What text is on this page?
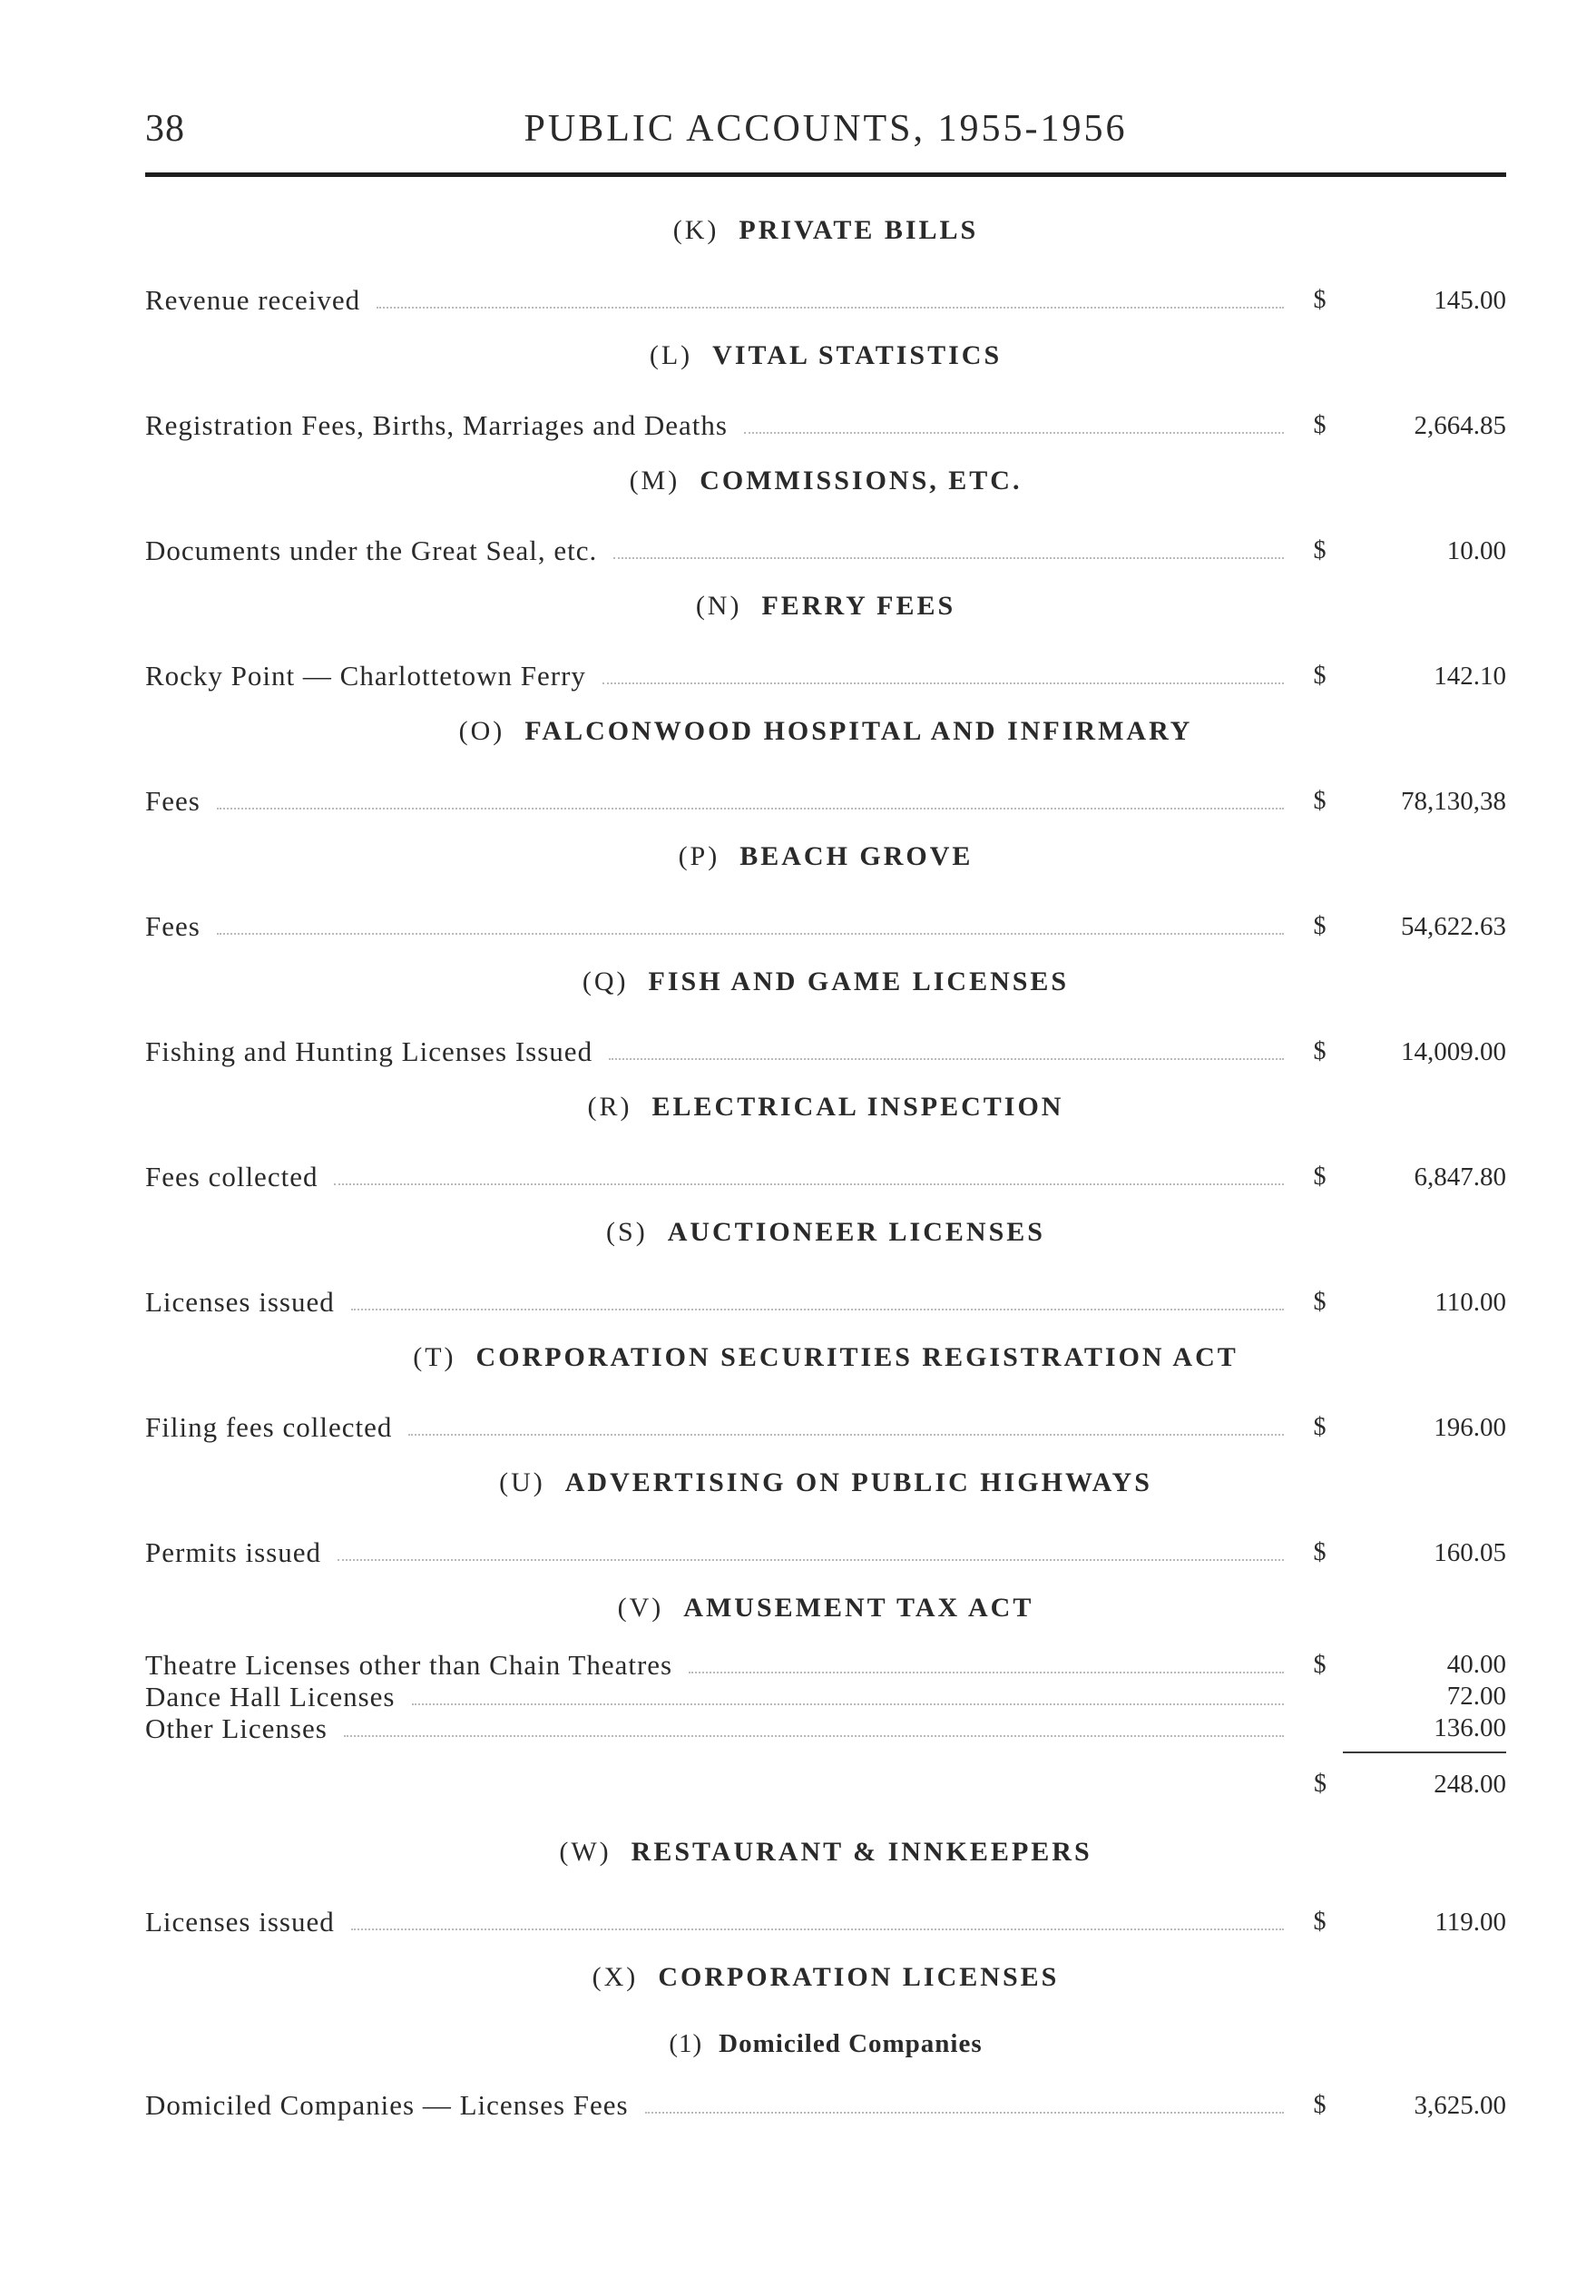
38	PUBLIC ACCOUNTS, 1955-1956
(K) PRIVATE BILLS
Revenue received	$	145.00
(L) VITAL STATISTICS
Registration Fees, Births, Marriages and Deaths	$	2,664.85
(M) COMMISSIONS, ETC.
Documents under the Great Seal, etc.	$	10.00
(N) FERRY FEES
Rocky Point — Charlottetown Ferry	$	142.10
(O) FALCONWOOD HOSPITAL AND INFIRMARY
Fees	$	78,130,38
(P) BEACH GROVE
Fees	$	54,622.63
(Q) FISH AND GAME LICENSES
Fishing and Hunting Licenses Issued	$	14,009.00
(R) ELECTRICAL INSPECTION
Fees collected	$	6,847.80
(S) AUCTIONEER LICENSES
Licenses issued	$	110.00
(T) CORPORATION SECURITIES REGISTRATION ACT
Filing fees collected	$	196.00
(U) ADVERTISING ON PUBLIC HIGHWAYS
Permits issued	$	160.05
(V) AMUSEMENT TAX ACT
Theatre Licenses other than Chain Theatres	$	40.00
Dance Hall Licenses	72.00
Other Licenses	136.00
$	248.00
(W) RESTAURANT & INNKEEPERS
Licenses issued	$	119.00
(X) CORPORATION LICENSES
(1) Domiciled Companies
Domiciled Companies — Licenses Fees	$	3,625.00
